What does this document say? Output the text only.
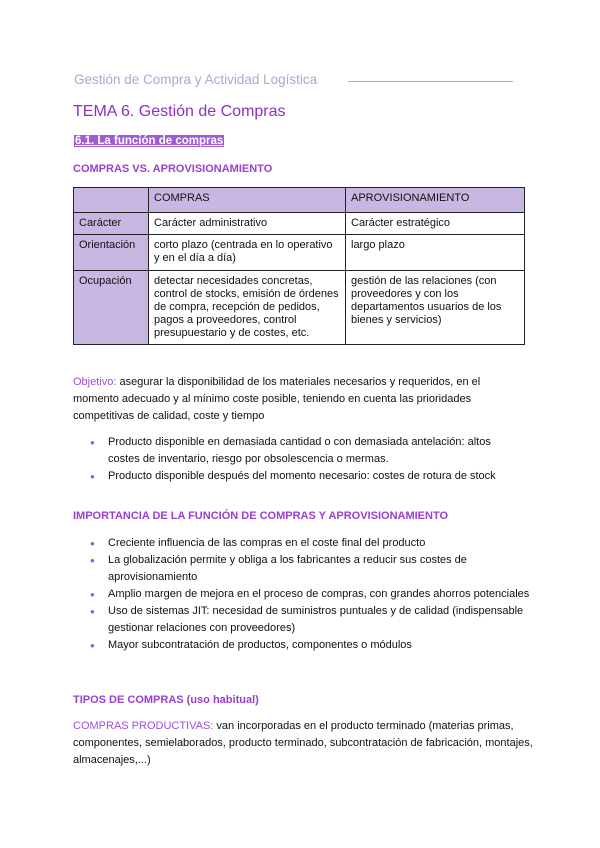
Gestión de Compra y Actividad Logística
TEMA 6. Gestión de Compras
6.1. La función de compras
COMPRAS VS. APROVISIONAMIENTO
	COMPRAS	APROVISIONAMIENTO
Carácter	Carácter administrativo	Carácter estratégico
Orientación	corto plazo (centrada en lo operativo y en el día a día)	largo plazo
Ocupación	detectar necesidades concretas, control de stocks, emisión de órdenes de compra, recepción de pedidos, pagos a proveedores, control presupuestario y de costes, etc.	gestión de las relaciones (con proveedores y con los departamentos usuarios de los bienes y servicios)
Objetivo: asegurar la disponibilidad de los materiales necesarios y requeridos, en el momento adecuado y al mínimo coste posible, teniendo en cuenta las prioridades competitivas de calidad, coste y tiempo
● Producto disponible en demasiada cantidad o con demasiada antelación: altos costes de inventario, riesgo por obsolescencia o mermas.
● Producto disponible después del momento necesario: costes de rotura de stock
IMPORTANCIA DE LA FUNCIÓN DE COMPRAS Y APROVISIONAMIENTO
● Creciente influencia de las compras en el coste final del producto
● La globalización permite y obliga a los fabricantes a reducir sus costes de aprovisionamiento
● Amplio margen de mejora en el proceso de compras, con grandes ahorros potenciales
● Uso de sistemas JIT: necesidad de suministros puntuales y de calidad (indispensable gestionar relaciones con proveedores)
● Mayor subcontratación de productos, componentes o módulos
TIPOS DE COMPRAS (uso habitual)
COMPRAS PRODUCTIVAS: van incorporadas en el producto terminado (materias primas, componentes, semielaborados, producto terminado, subcontratación de fabricación, montajes, almacenajes,...)
